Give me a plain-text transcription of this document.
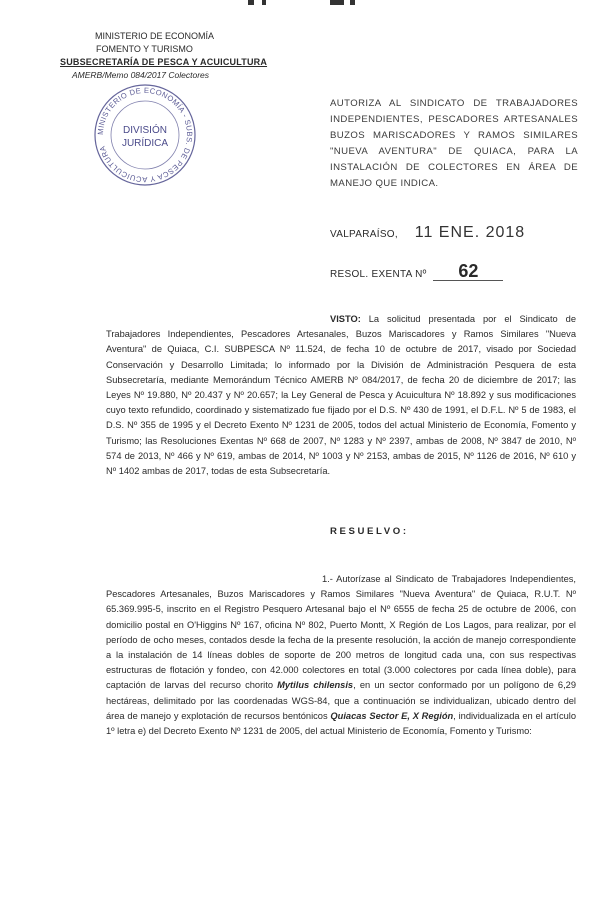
MINISTERIO DE ECONOMÍA
FOMENTO Y TURISMO
SUBSECRETARÍA DE PESCA Y ACUICULTURA
AMERB/Memo 084/2017 Colectores
MINISTERIO DE ECONOMÍA - SUBS. DE PESCA Y ACUICULTURA
DIVISIÓN
JURÍDICA
AUTORIZA AL SINDICATO DE TRABAJADORES INDEPENDIENTES, PESCADORES ARTESANALES BUZOS MARISCADORES Y RAMOS SIMILARES "NUEVA AVENTURA" DE QUIACA, PARA LA INSTALACIÓN DE COLECTORES EN ÁREA DE MANEJO QUE INDICA.
VALPARAÍSO, 11 ENE. 2018
RESOL. EXENTA Nº 62
VISTO: La solicitud presentada por el Sindicato de Trabajadores Independientes, Pescadores Artesanales, Buzos Mariscadores y Ramos Similares "Nueva Aventura" de Quiaca, C.I. SUBPESCA Nº 11.524, de fecha 10 de octubre de 2017, visado por Sociedad Conservación y Desarrollo Limitada; lo informado por la División de Administración Pesquera de esta Subsecretaría, mediante Memorándum Técnico AMERB Nº 084/2017, de fecha 20 de diciembre de 2017; las Leyes Nº 19.880, Nº 20.437 y Nº 20.657; la Ley General de Pesca y Acuicultura Nº 18.892 y sus modificaciones cuyo texto refundido, coordinado y sistematizado fue fijado por el D.S. Nº 430 de 1991, el D.F.L. Nº 5 de 1983, el D.S. Nº 355 de 1995 y el Decreto Exento Nº 1231 de 2005, todos del actual Ministerio de Economía, Fomento y Turismo; las Resoluciones Exentas Nº 668 de 2007, Nº 1283 y Nº 2397, ambas de 2008, Nº 3847 de 2010, Nº 574 de 2013, Nº 466 y Nº 619, ambas de 2014, Nº 1003 y Nº 2153, ambas de 2015, Nº 1126 de 2016, Nº 610 y Nº 1402 ambas de 2017, todas de esta Subsecretaría.
RESUELVO:
1.- Autorízase al Sindicato de Trabajadores Independientes, Pescadores Artesanales, Buzos Mariscadores y Ramos Similares "Nueva Aventura" de Quiaca, R.U.T. Nº 65.369.995-5, inscrito en el Registro Pesquero Artesanal bajo el Nº 6555 de fecha 25 de octubre de 2006, con domicilio postal en O'Higgins Nº 167, oficina Nº 802, Puerto Montt, X Región de Los Lagos, para realizar, por el período de ocho meses, contados desde la fecha de la presente resolución, la acción de manejo correspondiente a la instalación de 14 líneas dobles de soporte de 200 metros de longitud cada una, con sus respectivas estructuras de flotación y fondeo, con 42.000 colectores en total (3.000 colectores por cada línea doble), para captación de larvas del recurso chorito Mytilus chilensis, en un sector conformado por un polígono de 6,29 hectáreas, delimitado por las coordenadas WGS-84, que a continuación se individualizan, ubicado dentro del área de manejo y explotación de recursos bentónicos Quiacas Sector E, X Región, individualizada en el artículo 1º letra e) del Decreto Exento Nº 1231 de 2005, del actual Ministerio de Economía, Fomento y Turismo:
